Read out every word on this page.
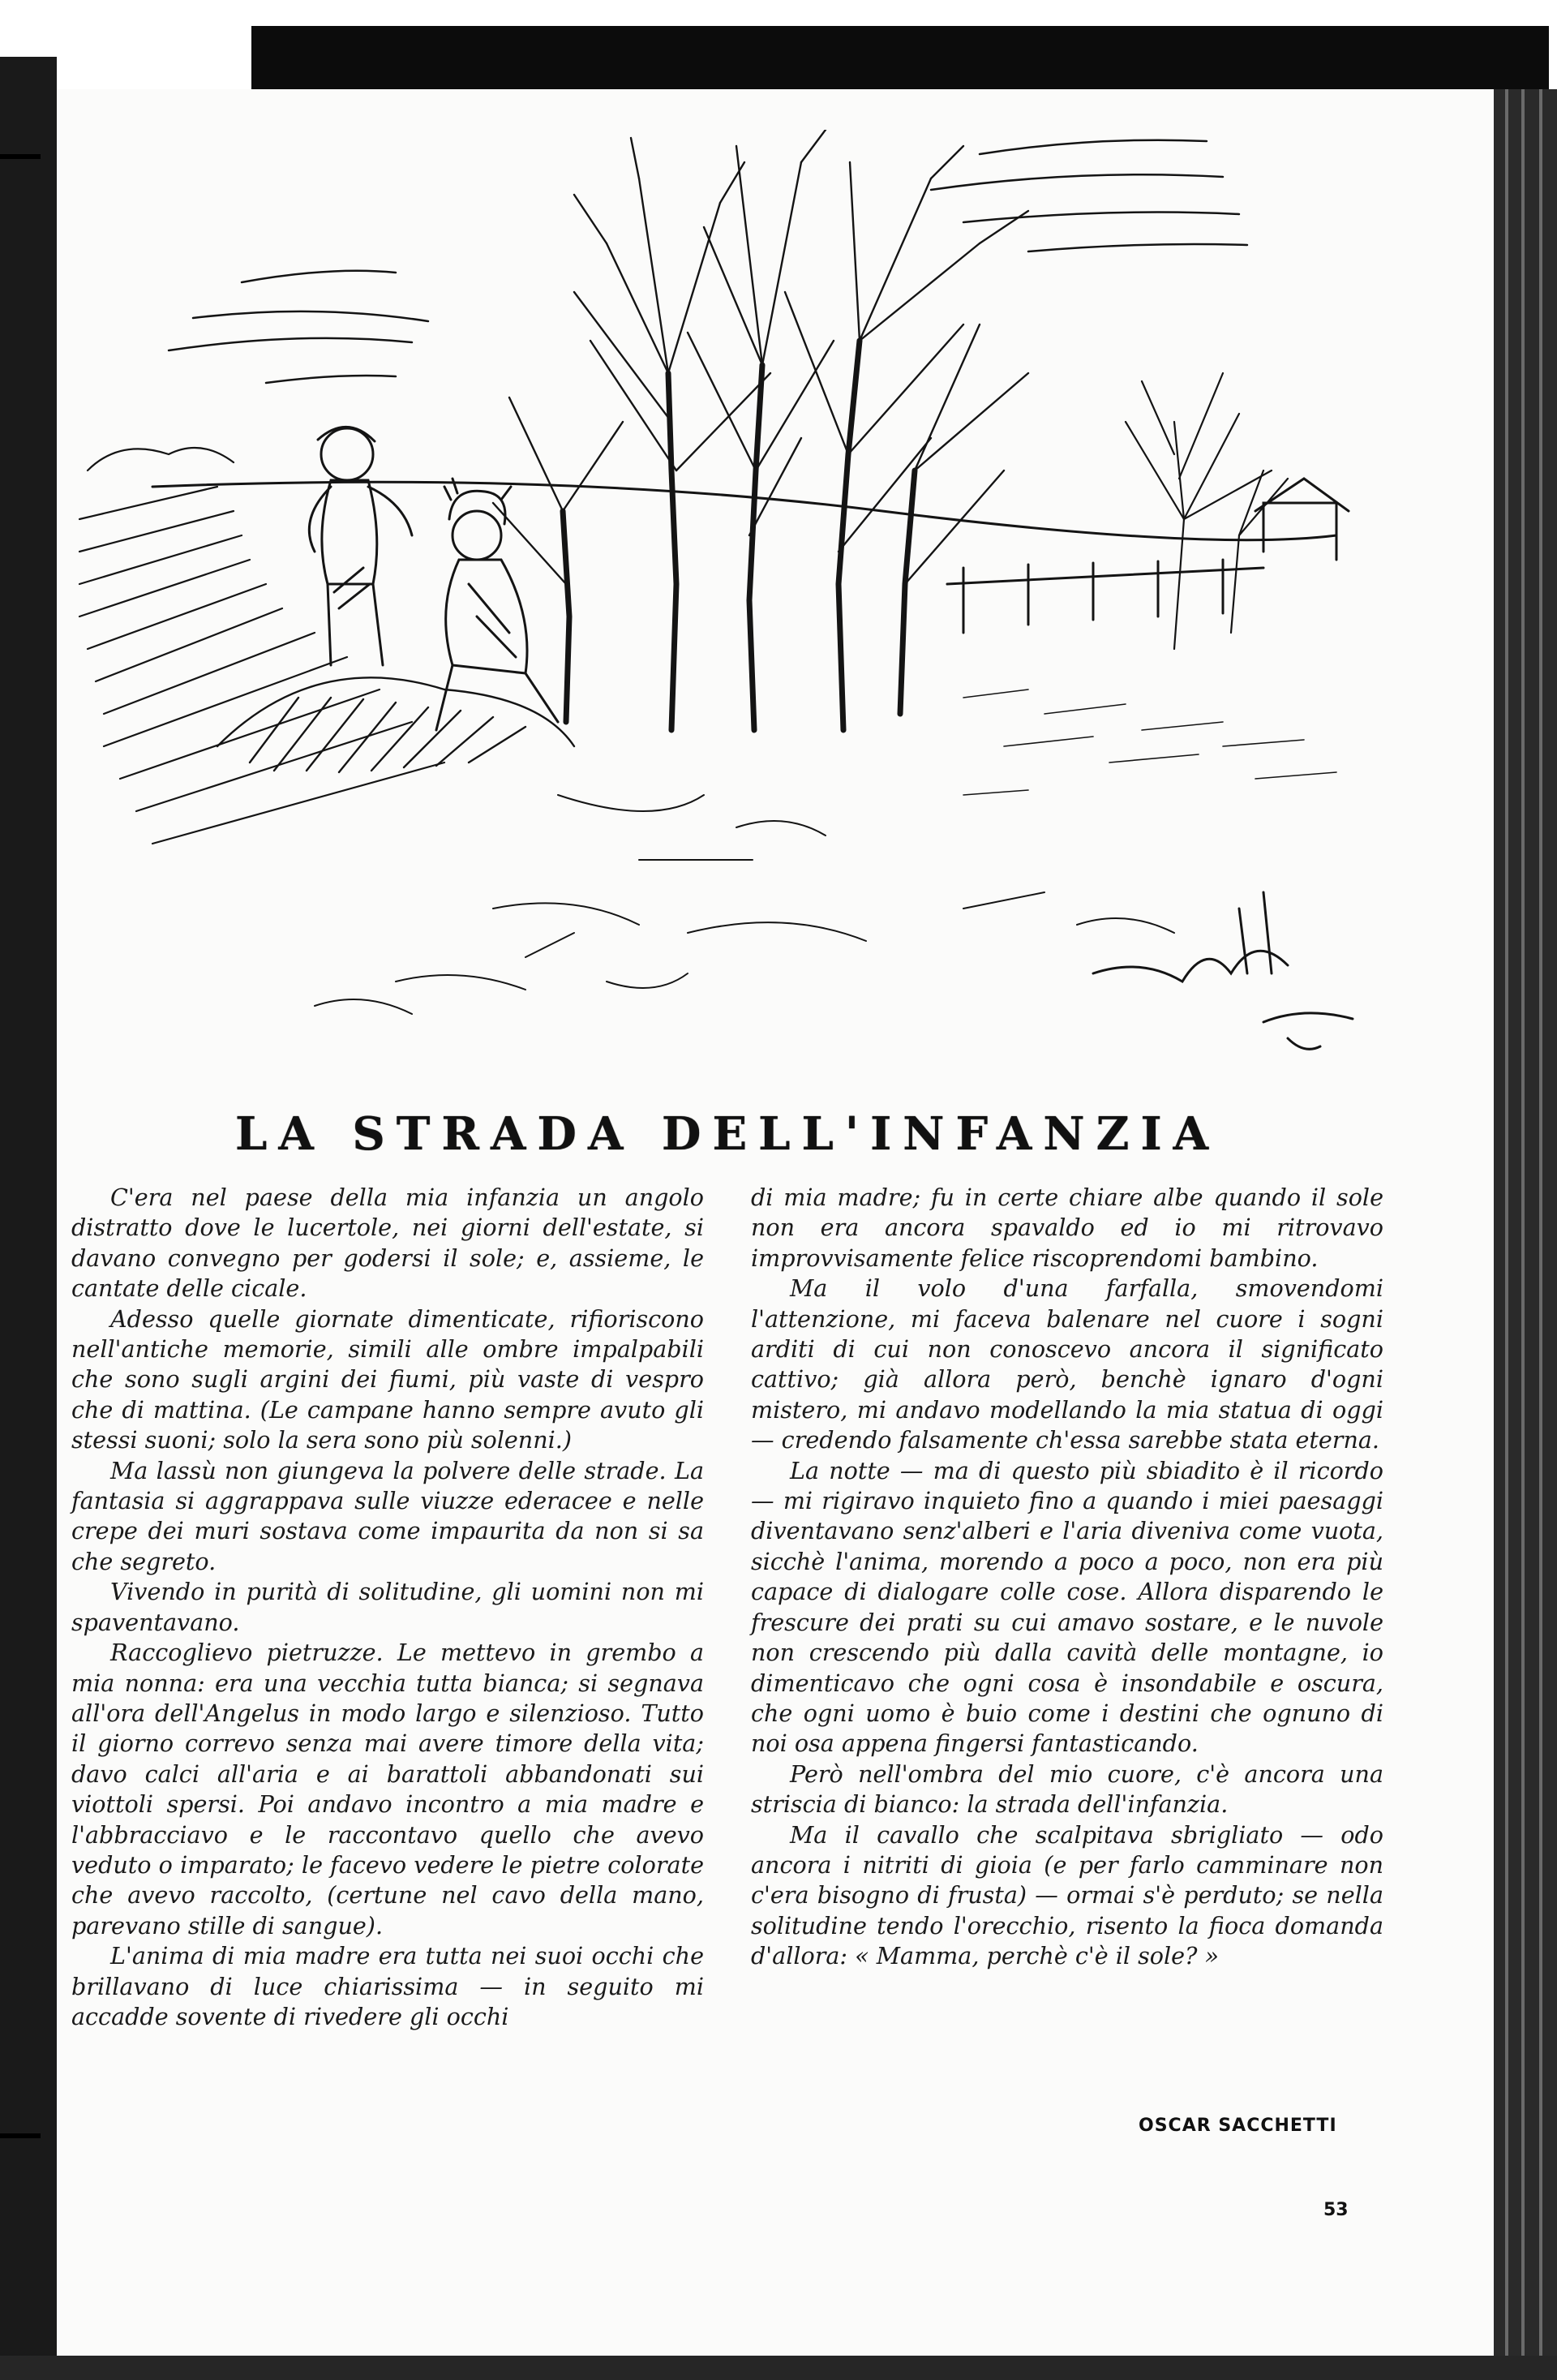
LA STRADA DELL'INFANZIA

C'era nel paese della mia infanzia un angolo distratto dove le lucertole, nei giorni dell'estate, si davano convegno per godersi il sole; e, assieme, le cantate delle cicale.

Adesso quelle giornate dimenticate, rifioriscono nell'antiche memorie, simili alle ombre impalpabili che sono sugli argini dei fiumi, più vaste di vespro che di mattina. (Le campane hanno sempre avuto gli stessi suoni; solo la sera sono più solenni.)

Ma lassù non giungeva la polvere delle strade. La fantasia si aggrappava sulle viuzze ederacee e nelle crepe dei muri sostava come impaurita da non si sa che segreto.

Vivendo in purità di solitudine, gli uomini non mi spaventavano.

Raccoglievo pietruzze. Le mettevo in grembo a mia nonna: era una vecchia tutta bianca; si segnava all'ora dell'Angelus in modo largo e silenzioso. Tutto il giorno correvo senza mai avere timore della vita; davo calci all'aria e ai barattoli abbandonati sui viottoli spersi. Poi andavo incontro a mia madre e l'abbracciavo e le raccontavo quello che avevo veduto o imparato; le facevo vedere le pietre colorate che avevo raccolto, (certune nel cavo della mano, parevano stille di sangue).

L'anima di mia madre era tutta nei suoi occhi che brillavano di luce chiarissima — in seguito mi accadde sovente di rivedere gli occhi

di mia madre; fu in certe chiare albe quando il sole non era ancora spavaldo ed io mi ritrovavo improvvisamente felice riscoprendomi bambino.

Ma il volo d'una farfalla, smovendomi l'attenzione, mi faceva balenare nel cuore i sogni arditi di cui non conoscevo ancora il significato cattivo; già allora però, benchè ignaro d'ogni mistero, mi andavo modellando la mia statua di oggi — credendo falsamente ch'essa sarebbe stata eterna.

La notte — ma di questo più sbiadito è il ricordo — mi rigiravo inquieto fino a quando i miei paesaggi diventavano senz'alberi e l'aria diveniva come vuota, sicchè l'anima, morendo a poco a poco, non era più capace di dialogare colle cose. Allora disparendo le frescure dei prati su cui amavo sostare, e le nuvole non crescendo più dalla cavità delle montagne, io dimenticavo che ogni cosa è insondabile e oscura, che ogni uomo è buio come i destini che ognuno di noi osa appena fingersi fantasticando.

Però nell'ombra del mio cuore, c'è ancora una striscia di bianco: la strada dell'infanzia.

Ma il cavallo che scalpitava sbrigliato — odo ancora i nitriti di gioia (e per farlo camminare non c'era bisogno di frusta) — ormai s'è perduto; se nella solitudine tendo l'orecchio, risento la fioca domanda d'allora: « Mamma, perchè c'è il sole? »

OSCAR SACCHETTI
53
